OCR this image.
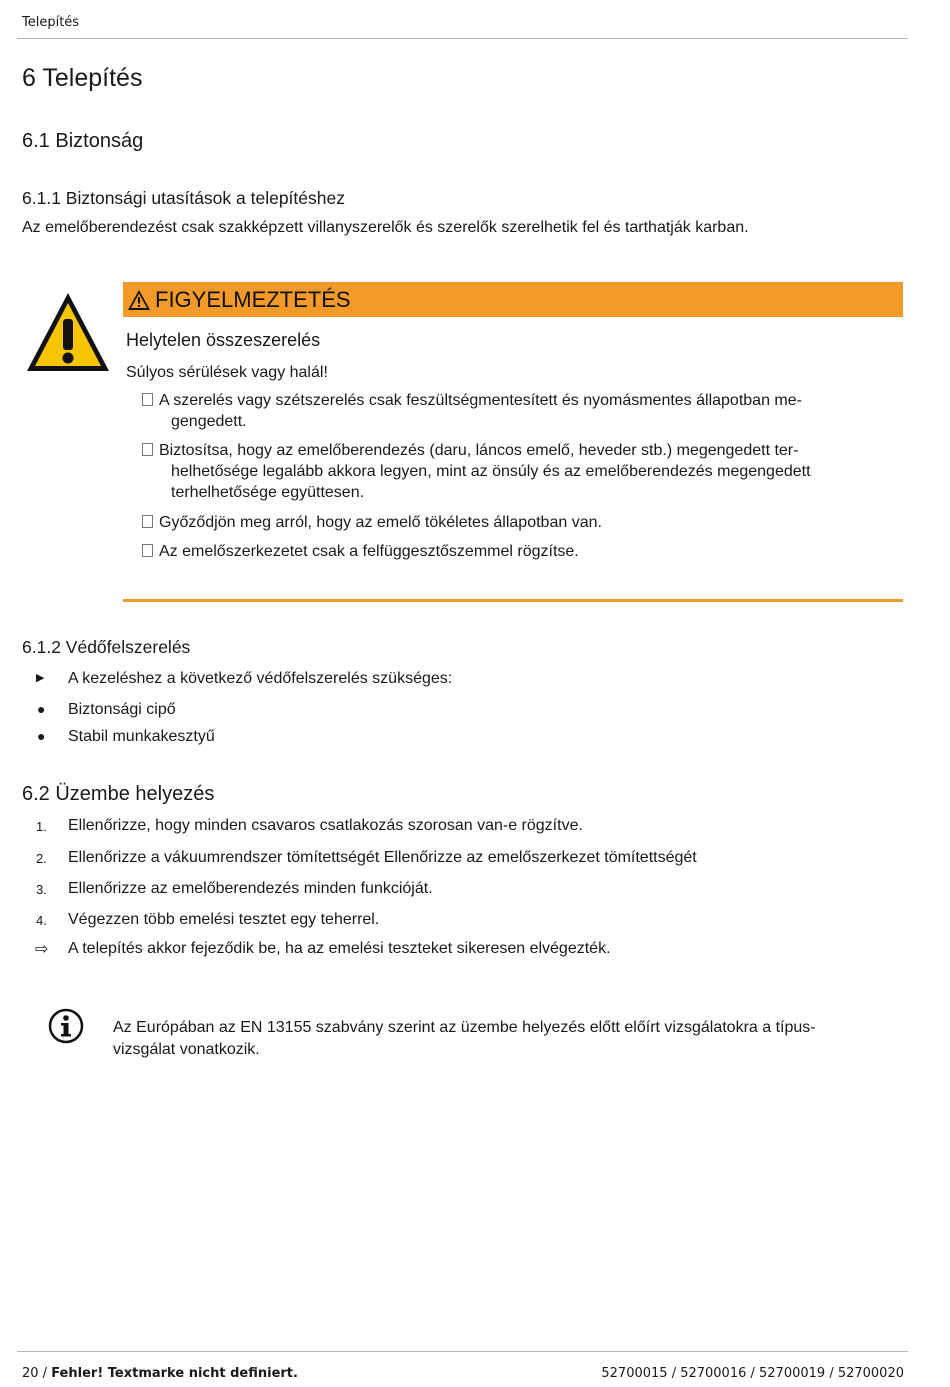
Telepítés
6 Telepítés
6.1 Biztonság
6.1.1 Biztonsági utasítások a telepítéshez
Az emelőberendezést csak szakképzett villanyszerelők és szerelők szerelhetik fel és tarthatják karban.
FIGYELMEZTETÉS
Helytelen összeszerelés
Súlyos sérülések vagy halál!
A szerelés vagy szétszerelés csak feszültségmentesített és nyomásmentes állapotban me-
gengedett.
Biztosítsa, hogy az emelőberendezés (daru, láncos emelő, heveder stb.) megengedett ter-
helhetősége legalább akkora legyen, mint az önsúly és az emelőberendezés megengedett
terhelhetősége együttesen.
Győződjön meg arról, hogy az emelő tökéletes állapotban van.
Az emelőszerkezetet csak a felfüggesztőszemmel rögzítse.
6.1.2 Védőfelszerelés
▶ A kezeléshez a következő védőfelszerelés szükséges:
● Biztonsági cipő
● Stabil munkakesztyű
6.2 Üzembe helyezés
1. Ellenőrizze, hogy minden csavaros csatlakozás szorosan van-e rögzítve.
2. Ellenőrizze a vákuumrendszer tömítettségét Ellenőrizze az emelőszerkezet tömítettségét
3. Ellenőrizze az emelőberendezés minden funkcióját.
4. Végezzen több emelési tesztet egy teherrel.
⇨ A telepítés akkor fejeződik be, ha az emelési teszteket sikeresen elvégezték.
Az Európában az EN 13155 szabvány szerint az üzembe helyezés előtt előírt vizsgálatokra a típus-
vizsgálat vonatkozik.
20 / Fehler! Textmarke nicht definiert.	52700015 / 52700016 / 52700019 / 52700020
